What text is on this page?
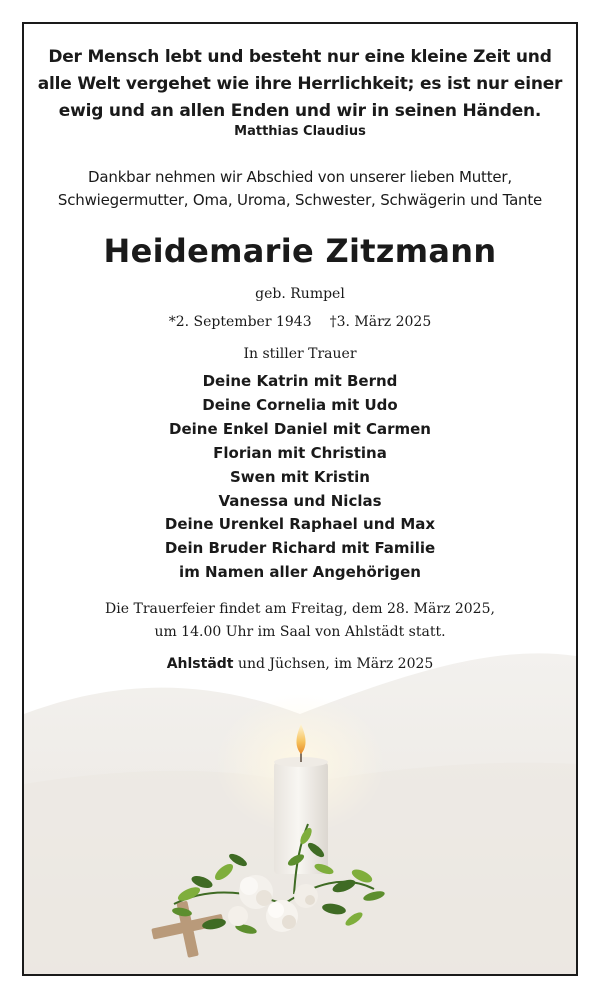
Der Mensch lebt und besteht nur eine kleine Zeit und
alle Welt vergehet wie ihre Herrlichkeit; es ist nur einer
ewig und an allen Enden und wir in seinen Händen.
Matthias Claudius
Dankbar nehmen wir Abschied von unserer lieben Mutter,
Schwiegermutter, Oma, Uroma, Schwester, Schwägerin und Tante
Heidemarie Zitzmann
geb. Rumpel
*2. September 1943 †3. März 2025
In stiller Trauer
Deine Katrin mit Bernd
Deine Cornelia mit Udo
Deine Enkel Daniel mit Carmen
Florian mit Christina
Swen mit Kristin
Vanessa und Niclas
Deine Urenkel Raphael und Max
Dein Bruder Richard mit Familie
im Namen aller Angehörigen
Die Trauerfeier findet am Freitag, dem 28. März 2025,
um 14.00 Uhr im Saal von Ahlstädt statt.
Ahlstädt und Jüchsen, im März 2025
